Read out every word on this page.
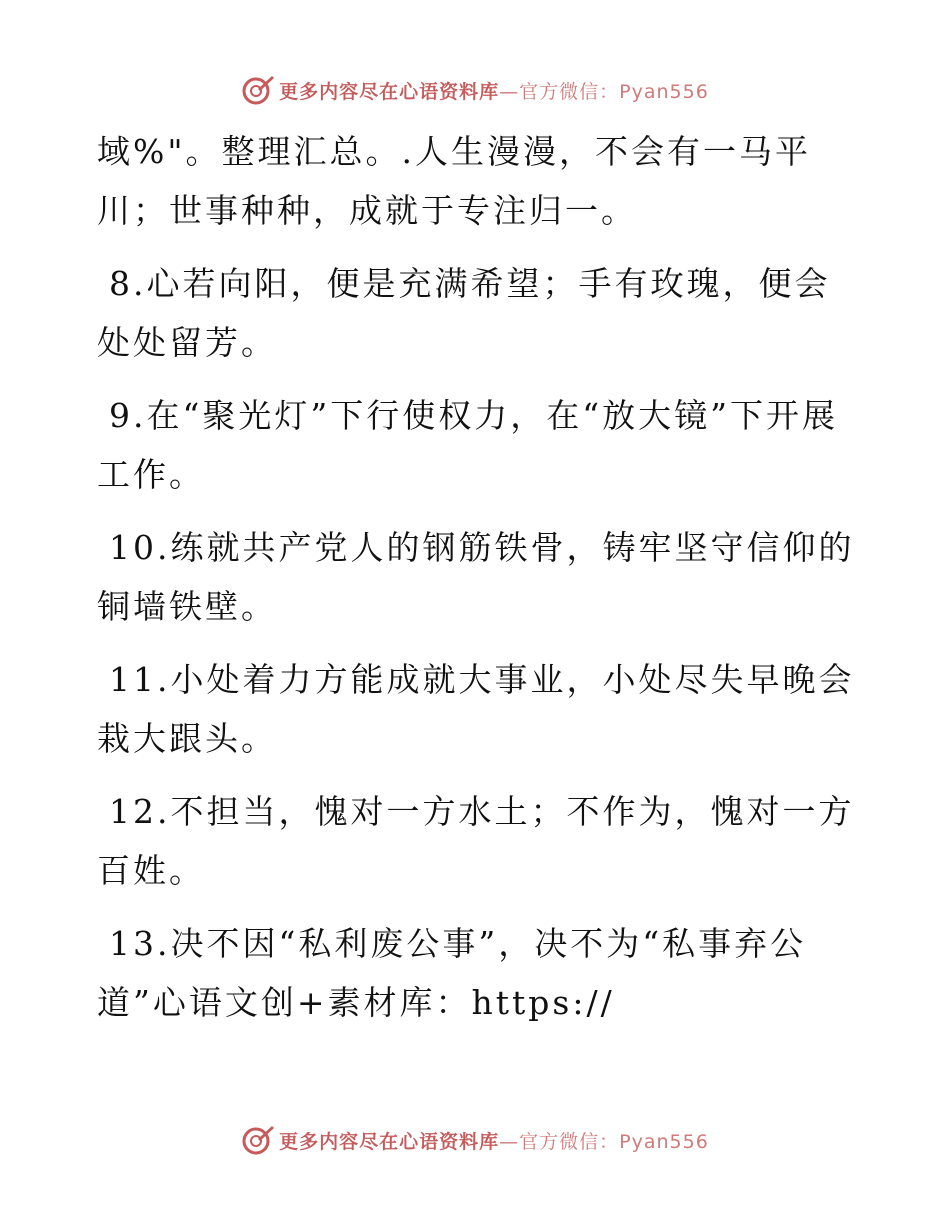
更多内容尽在心语资料库—官方微信：Pyan556

域%"。整理汇总。.人生漫漫，不会有一马平川；世事种种，成就于专注归一。

8.心若向阳，便是充满希望；手有玫瑰，便会处处留芳。

9.在“聚光灯”下行使权力，在“放大镜”下开展工作。

10.练就共产党人的钢筋铁骨，铸牢坚守信仰的铜墙铁壁。

11.小处着力方能成就大事业，小处尽失早晚会栽大跟头。

12.不担当，愧对一方水土；不作为，愧对一方百姓。

13.决不因“私利废公事”，决不为“私事弃公道”心语文创+素材库：https://

更多内容尽在心语资料库—官方微信：Pyan556
